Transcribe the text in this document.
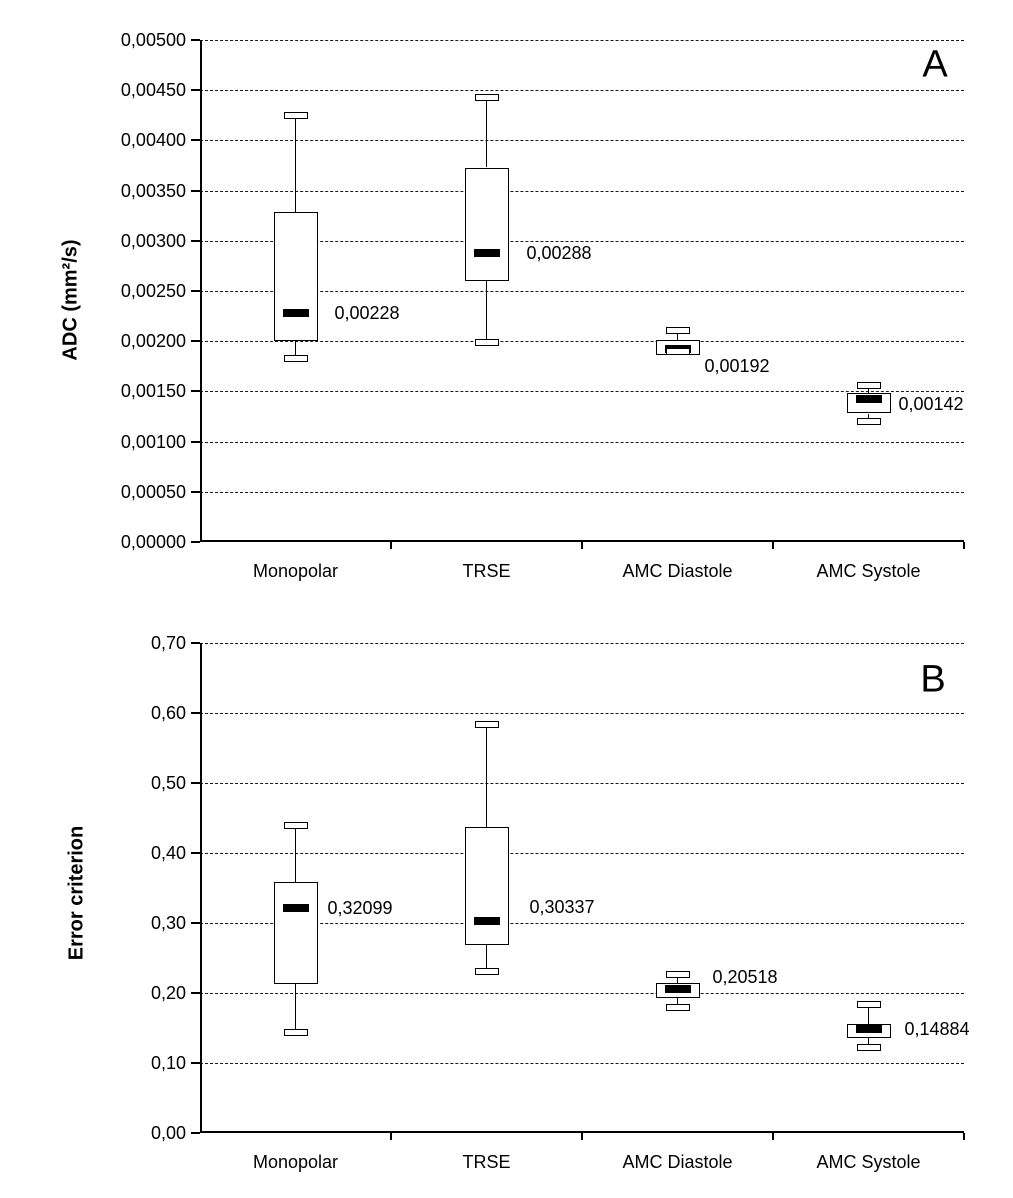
ADC (mm²/s)
A
0,00500
0,00450
0,00400
0,00350
0,00300
0,00250
0,00200
0,00150
0,00100
0,00050
0,00000
Monopolar	TRSE	AMC Diastole	AMC Systole
0,00228
0,00288
0,00192
0,00142
Error criterion
B
0,70
0,60
0,50
0,40
0,30
0,20
0,10
0,00
Monopolar	TRSE	AMC Diastole	AMC Systole
0,32099	0,30337
0,20518
0,14884
